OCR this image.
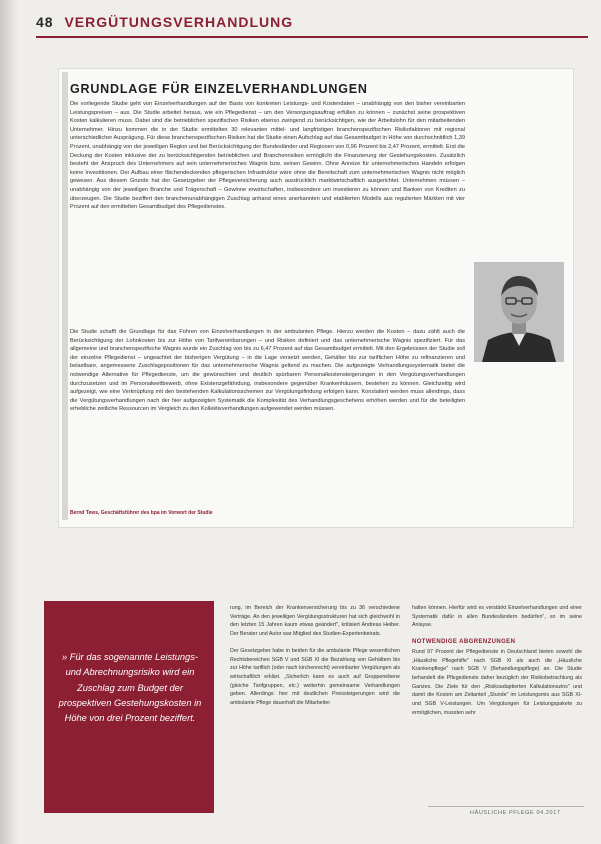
48 VERGÜTUNGSVERHANDLUNG
GRUNDLAGE FÜR EINZELVERHANDLUNGEN

Die vorliegende Studie geht von Einzelverhandlungen auf der Basis von konkreten Leistungs- und Kostendaten – unabhängig von den bisher vereinbarten Leistungspreisen – aus. Die Studie arbeitet heraus, wie ein Pflegedienst – um den Versorgungsauftrag erfüllen zu können – zunächst seine prospektiven Kosten kalkulieren muss. Dabei sind die betrieblichen spezifischen Risiken ebenso zwingend zu berücksichtigen, wie der Arbeitslohn für den mitarbeitenden Unternehmer. Hinzu kommen die in der Studie ermittelten 30 relevanten mittel- und langfristigen branchenspezifischen Risikofaktoren mit regional unterschiedlicher Ausprägung. Für diese branchenspezifischen Risiken hat die Studie einen Aufschlag auf das Gesamtbudget in Höhe von durchschnittlich 1,39 Prozent, unabhängig von der jeweiligen Region und bei Berücksichtigung der Bundesländer und Regionen von 0,96 Prozent bis 2,47 Prozent, ermittelt. Erst die Deckung der Kosten inklusive der zu berücksichtigenden betrieblichen und Branchenrisiken ermöglicht die Finanzierung der Gestehungskosten. Zusätzlich besteht der Anspruch des Unternehmers auf sein unternehmerisches Wagnis bzw. seinen Gewinn. Ohne Anreize für unternehmerisches Handeln erfolgen keine Investitionen. Der Aufbau einer flächendeckenden pflegerischen Infrastruktur wäre ohne die Bereitschaft zum unternehmerischen Wagnis nicht möglich gewesen. Aus diesem Grunde hat der Gesetzgeber der Pflegeversicherung auch ausdrücklich marktwirtschaftlich ausgerichtet. Unternehmen müssen – unabhängig von der jeweiligen Branche und Trägerschaft – Gewinne erwirtschaften, insbesondere um investieren zu können und Banken von Krediten zu überzeugen. Die Studie beziffert den branchenunabhängigen Zuschlag anhand eines anerkannten und etablierten Modells aus regulierten Märkten mit vier Prozent auf den ermittelten Gesamtbudget des Pflegedienstes.

Die Studie schafft die Grundlage für das Führen von Einzelverhandlungen in der ambulanten Pflege. Hierzu werden die Kosten – dazu zählt auch die Berücksichtigung der Lohnkosten bis zur Höhe von Tarifvereinbarungen – und Risiken definiert und das unternehmerische Wagnis spezifiziert. Für das allgemeine und branchenspezifische Wagnis wurde ein Zuschlag von bis zu 6,47 Prozent auf das Gesamtbudget ermittelt. Mit den Ergebnissen der Studie soll der einzelne Pflegedienst – ungeachtet der bisherigen Vergütung – in die Lage versetzt werden, Gehälter bis zur tariflichen Höhe zu refinanzieren und belastbare, angemessene Zuschlagspositionen für das unternehmerische Wagnis geltend zu machen. Die aufgezeigte Verhandlungssystematik bietet die notwendige Alternative für Pflegedienste, um die gewünschten und deutlich spürbaren Personalkostensteigerungen in den Vergütungsverhandlungen durchzusetzen und im Personalwettbewerb, ohne Existenzgefährdung, insbesondere gegenüber Krankenhäusern, bestehen zu können. Gleichzeitig wird aufgezeigt, wie eine Verknüpfung mit den bestehenden Kalkulationsschemen zur Vergütungsfindung erfolgen kann. Konstatiert werden muss allerdings, dass die Vergütungsverhandlungen nach der hier aufgezeigten Systematik die Komplexität des Verhandlungsgeschehens erhöhen werden und für die beteiligten erhebliche zeitliche Ressourcen im Vergleich zu den Kollektivverhandlungen aufgewendet werden müssen.

Bernd Tews, Geschäftsführer des bpa im Vorwort der Studie

» Für das sogenannte Leistungs- und Abrechnungsrisiko wird ein Zuschlag zum Budget der prospektiven Gestehungskosten in Höhe von drei Prozent beziffert.

rung, im Bereich der Krankenversicherung bis zu 36 verschiedene Verträge. An den jeweiligen Vergütungsstrukturen hat sich gleichwohl in den letzten 15 Jahren kaum etwas geändert", kritisiert Andreas Heiber. Der Berater und Autor war Mitglied des Studien-Expertenbeirats.

Der Gesetzgeber habe in beiden für die ambulante Pflege wesentlichen Rechtsbereichen SGB V und SGB XI die Bezahlung von Gehältern bis zur Höhe tariflich (oder nach kirchenrecht) vereinbarter Vergütungen als wirtschaftlich erklärt. „Sicherlich kann es auch auf Gruppenebene (gleiche Tarifgruppen, etc.) weiterhin gemeinsame Verhandlungen geben. Allerdings: hier mit deutlichen Preissteigerungen wird die ambulante Pflege dauerhaft die Mitarbeiter

halten können. Hierfür wird es verstärkt Einzelverhandlungen und einer Systematik dafür in allen Bundesländern bedürfen", so im seine Anlayse.

NOTWENDIGE ABGRENZUNGEN

Rund 97 Prozent der Pflegedienste in Deutschland bieten sowohl die „Häusliche Pflegehilfe" nach SGB XI als auch die „Häusliche Krankenpflege" nach SGB V (Behandlungspflege) an. Die Studie behandelt die Pflegedienste daher bezüglich der Risikobetrachtung als Ganzes. Die Ziele für den „Risikoadaptierten Kalkulationszins" und damit die Kosten am Zeitanteil „Stunde" im Leistungsmix aus SGB XI- und SGB V-Leistungen. Um Vergütungen für Leistungspakete zu ermöglichen, mussten sehr

HÄUSLICHE PFLEGE 04.2017
